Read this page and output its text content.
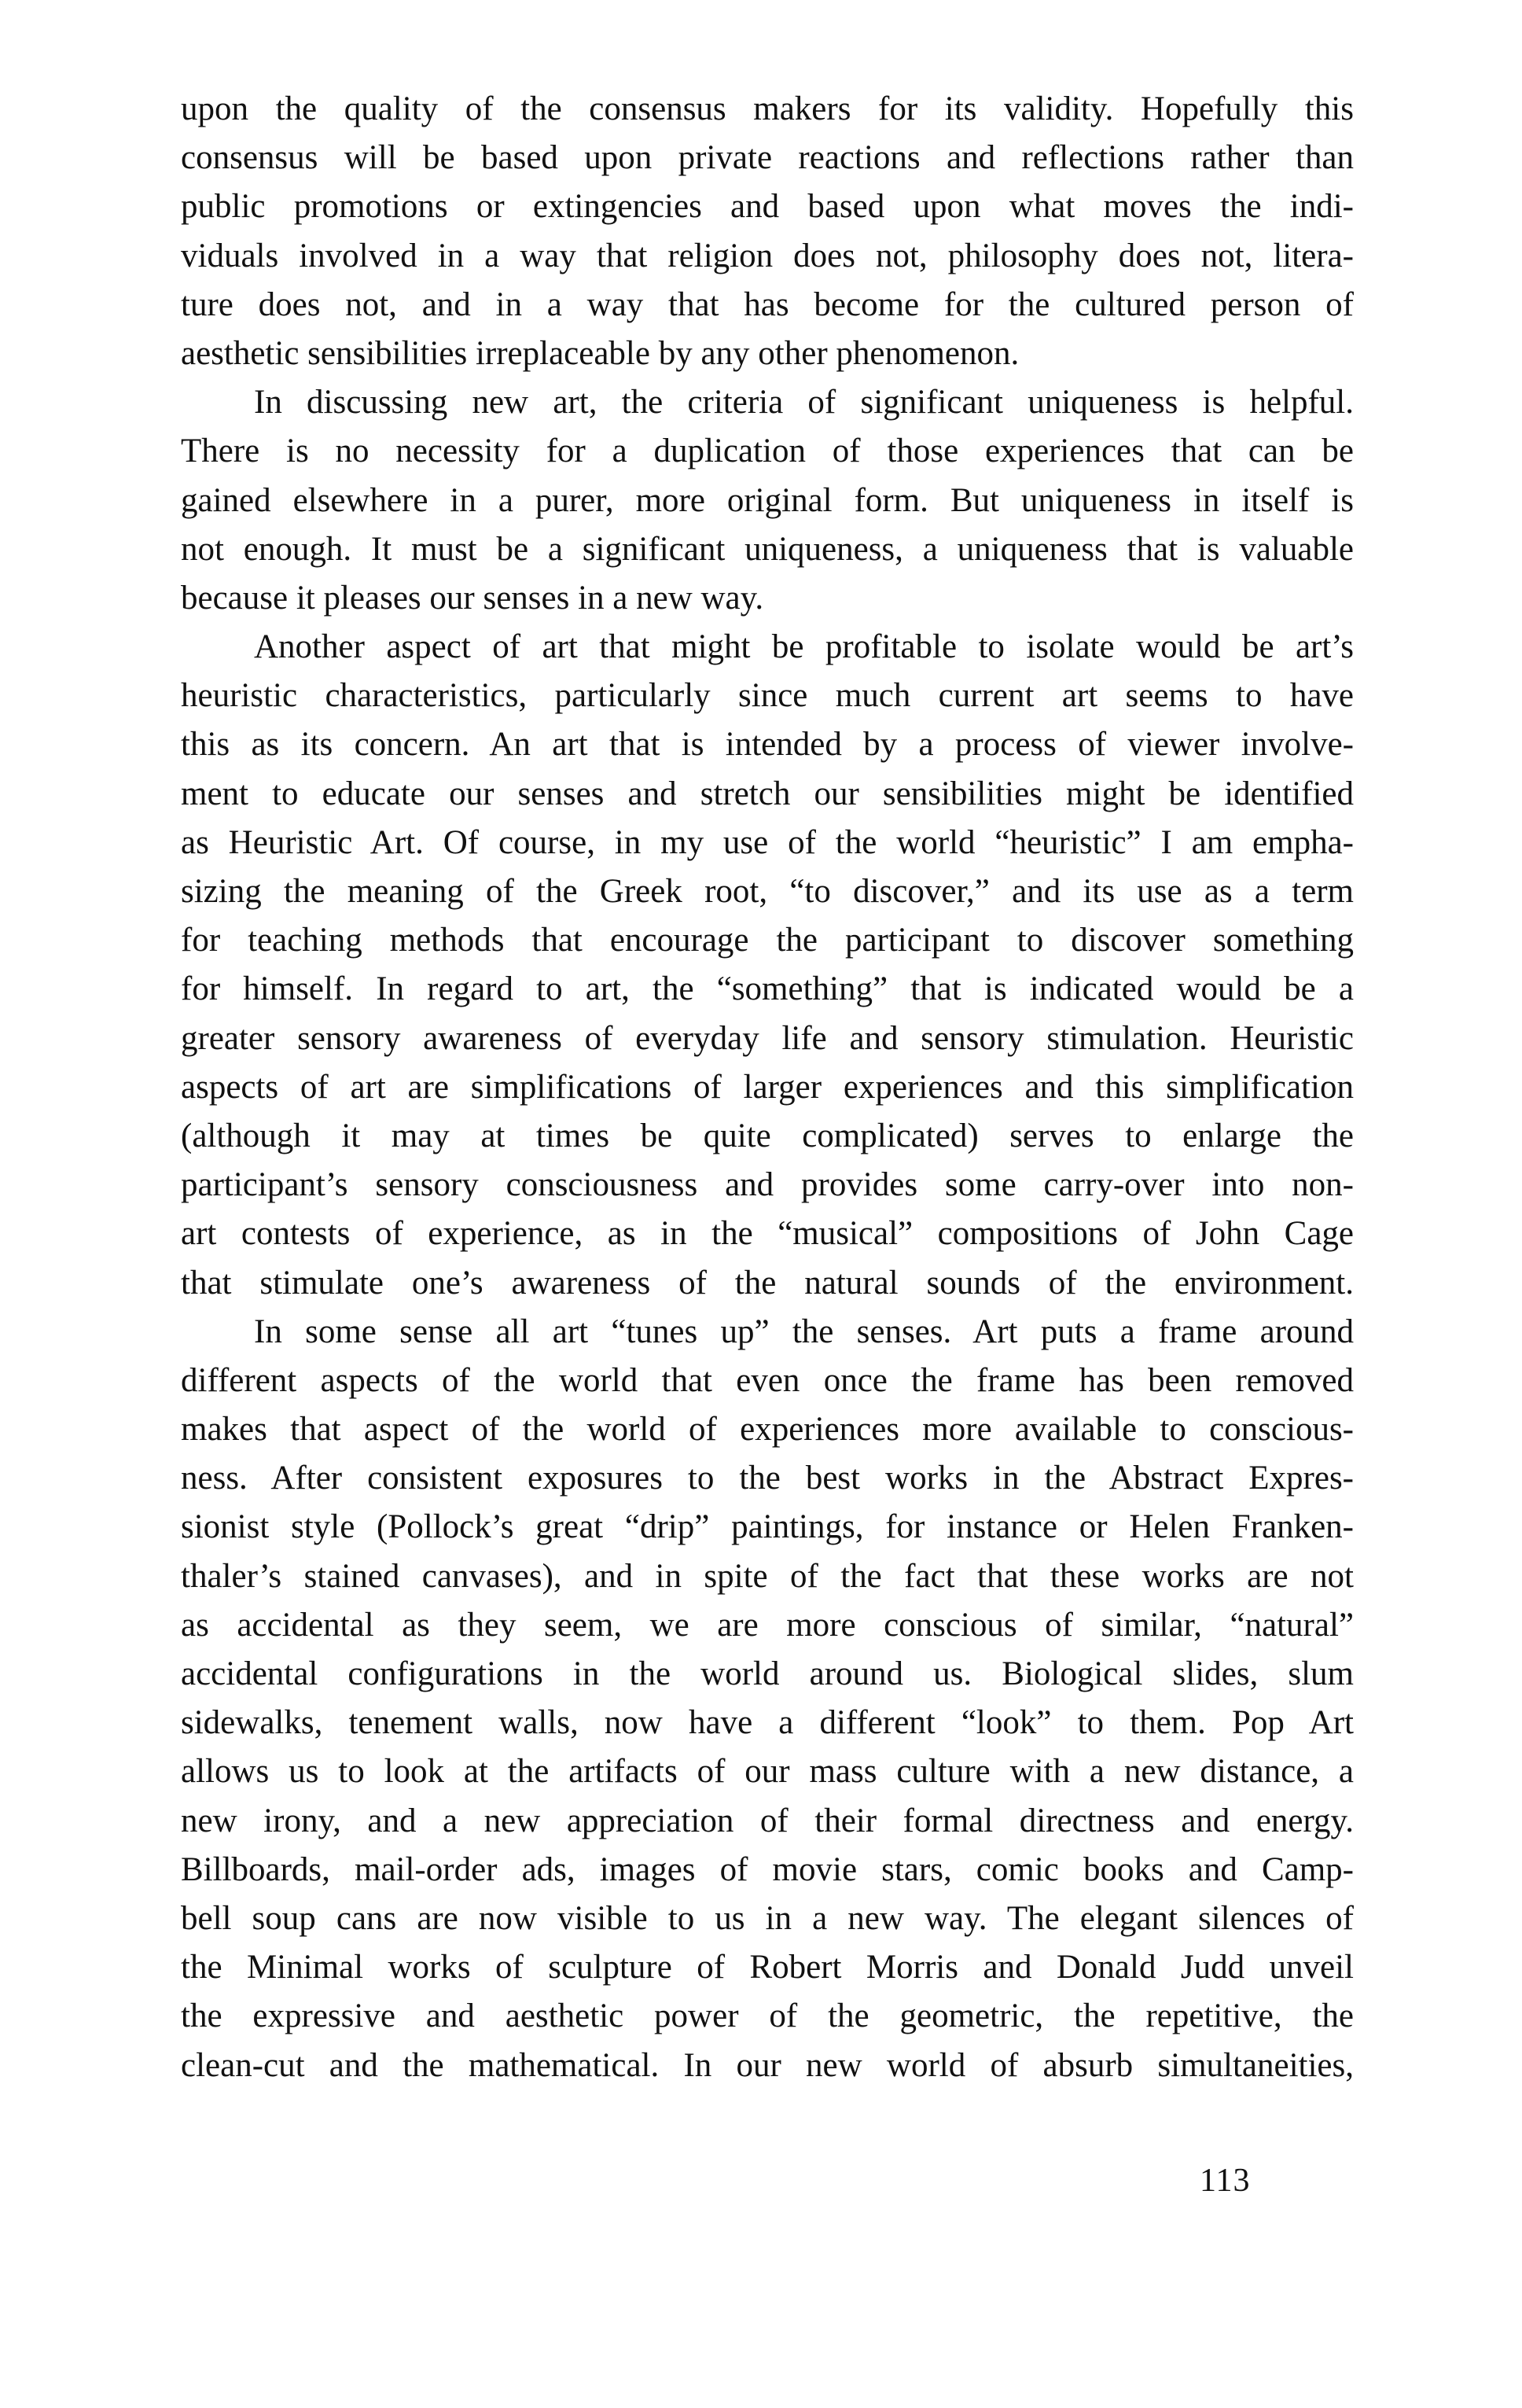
upon the quality of the consensus makers for its validity. Hopefully this
consensus will be based upon private reactions and reflections rather than
public promotions or extingencies and based upon what moves the indi-
viduals involved in a way that religion does not, philosophy does not, litera-
ture does not, and in a way that has become for the cultured person of
aesthetic sensibilities irreplaceable by any other phenomenon.
In discussing new art, the criteria of significant uniqueness is helpful.
There is no necessity for a duplication of those experiences that can be
gained elsewhere in a purer, more original form. But uniqueness in itself is
not enough. It must be a significant uniqueness, a uniqueness that is valuable
because it pleases our senses in a new way.
Another aspect of art that might be profitable to isolate would be art’s
heuristic characteristics, particularly since much current art seems to have
this as its concern. An art that is intended by a process of viewer involve-
ment to educate our senses and stretch our sensibilities might be identified
as Heuristic Art. Of course, in my use of the world “heuristic” I am empha-
sizing the meaning of the Greek root, “to discover,” and its use as a term
for teaching methods that encourage the participant to discover something
for himself. In regard to art, the “something” that is indicated would be a
greater sensory awareness of everyday life and sensory stimulation. Heuristic
aspects of art are simplifications of larger experiences and this simplification
(although it may at times be quite complicated) serves to enlarge the
participant’s sensory consciousness and provides some carry-over into non-
art contests of experience, as in the “musical” compositions of John Cage
that stimulate one’s awareness of the natural sounds of the environment.
In some sense all art “tunes up” the senses. Art puts a frame around
different aspects of the world that even once the frame has been removed
makes that aspect of the world of experiences more available to conscious-
ness. After consistent exposures to the best works in the Abstract Expres-
sionist style (Pollock’s great “drip” paintings, for instance or Helen Franken-
thaler’s stained canvases), and in spite of the fact that these works are not
as accidental as they seem, we are more conscious of similar, “natural”
accidental configurations in the world around us. Biological slides, slum
sidewalks, tenement walls, now have a different “look” to them. Pop Art
allows us to look at the artifacts of our mass culture with a new distance, a
new irony, and a new appreciation of their formal directness and energy.
Billboards, mail-order ads, images of movie stars, comic books and Camp-
bell soup cans are now visible to us in a new way. The elegant silences of
the Minimal works of sculpture of Robert Morris and Donald Judd unveil
the expressive and aesthetic power of the geometric, the repetitive, the
clean-cut and the mathematical. In our new world of absurb simultaneities,
113
